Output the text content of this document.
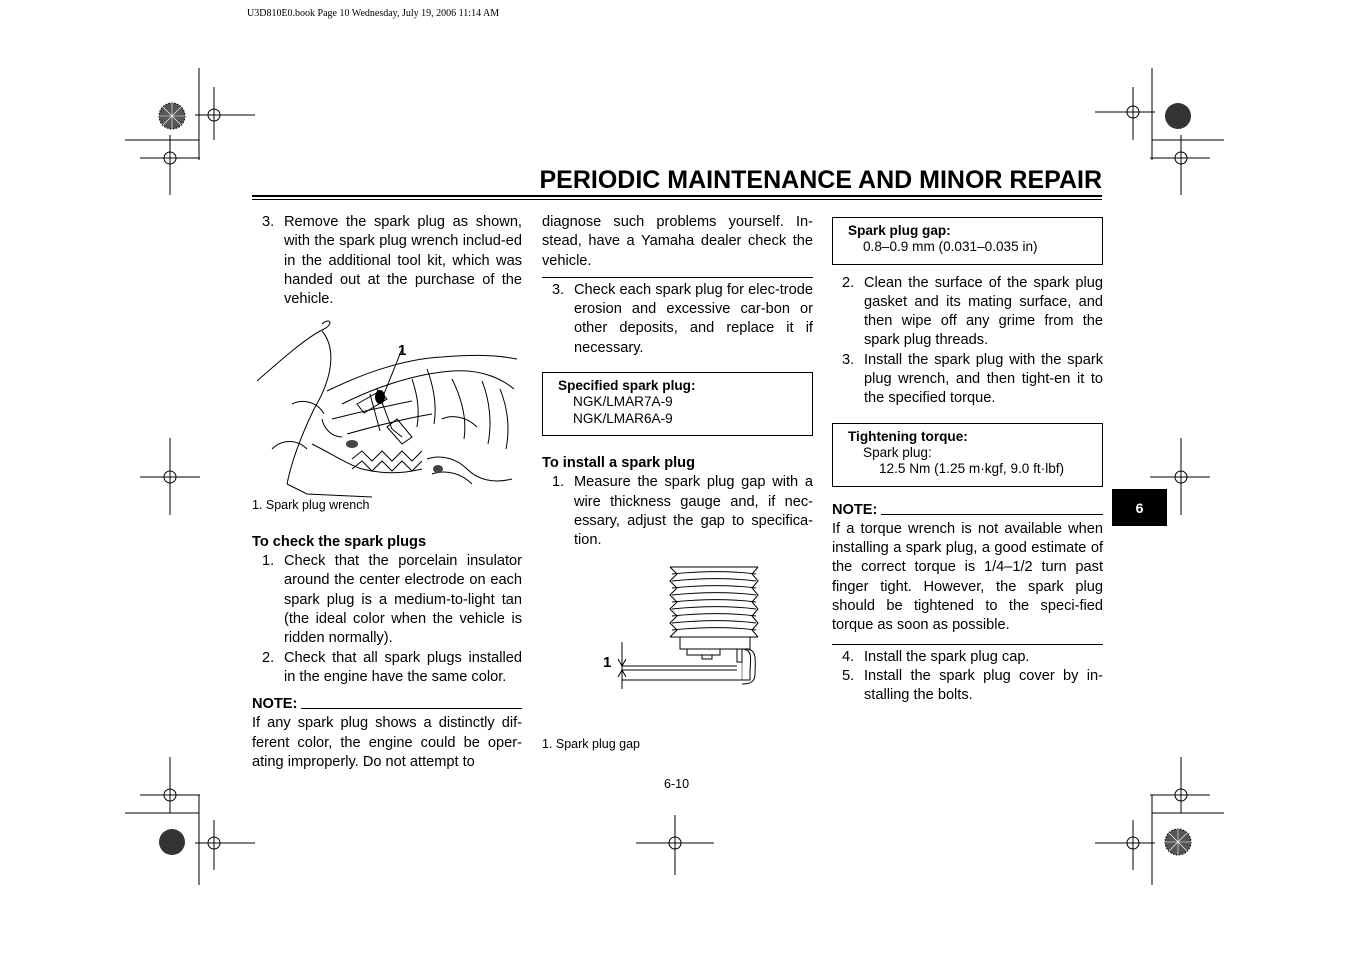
U3D810E0.book Page 10 Wednesday, July 19, 2006 11:14 AM
PERIODIC MAINTENANCE AND MINOR REPAIR
6
3. Remove the spark plug as shown, with the spark plug wrench includ-ed in the additional tool kit, which was handed out at the purchase of the vehicle.
1
1. Spark plug wrench
To check the spark plugs
1. Check that the porcelain insulator around the center electrode on each spark plug is a medium-to-light tan (the ideal color when the vehicle is ridden normally).
2. Check that all spark plugs installed in the engine have the same color.
NOTE:
If any spark plug shows a distinctly dif-ferent color, the engine could be oper-ating improperly. Do not attempt to
diagnose such problems yourself. In-stead, have a Yamaha dealer check the vehicle.
3. Check each spark plug for elec-trode erosion and excessive car-bon or other deposits, and replace it if necessary.
Specified spark plug:
NGK/LMAR7A-9
NGK/LMAR6A-9
To install a spark plug
1. Measure the spark plug gap with a wire thickness gauge and, if nec-essary, adjust the gap to specifica-tion.
1
1. Spark plug gap
Spark plug gap:
0.8–0.9 mm (0.031–0.035 in)
2. Clean the surface of the spark plug gasket and its mating surface, and then wipe off any grime from the spark plug threads.
3. Install the spark plug with the spark plug wrench, and then tight-en it to the specified torque.
Tightening torque:
Spark plug:
12.5 Nm (1.25 m·kgf, 9.0 ft·lbf)
NOTE:
If a torque wrench is not available when installing a spark plug, a good estimate of the correct torque is 1/4–1/2 turn past finger tight. However, the spark plug should be tightened to the speci-fied torque as soon as possible.
4. Install the spark plug cap.
5. Install the spark plug cover by in-stalling the bolts.
6-10
